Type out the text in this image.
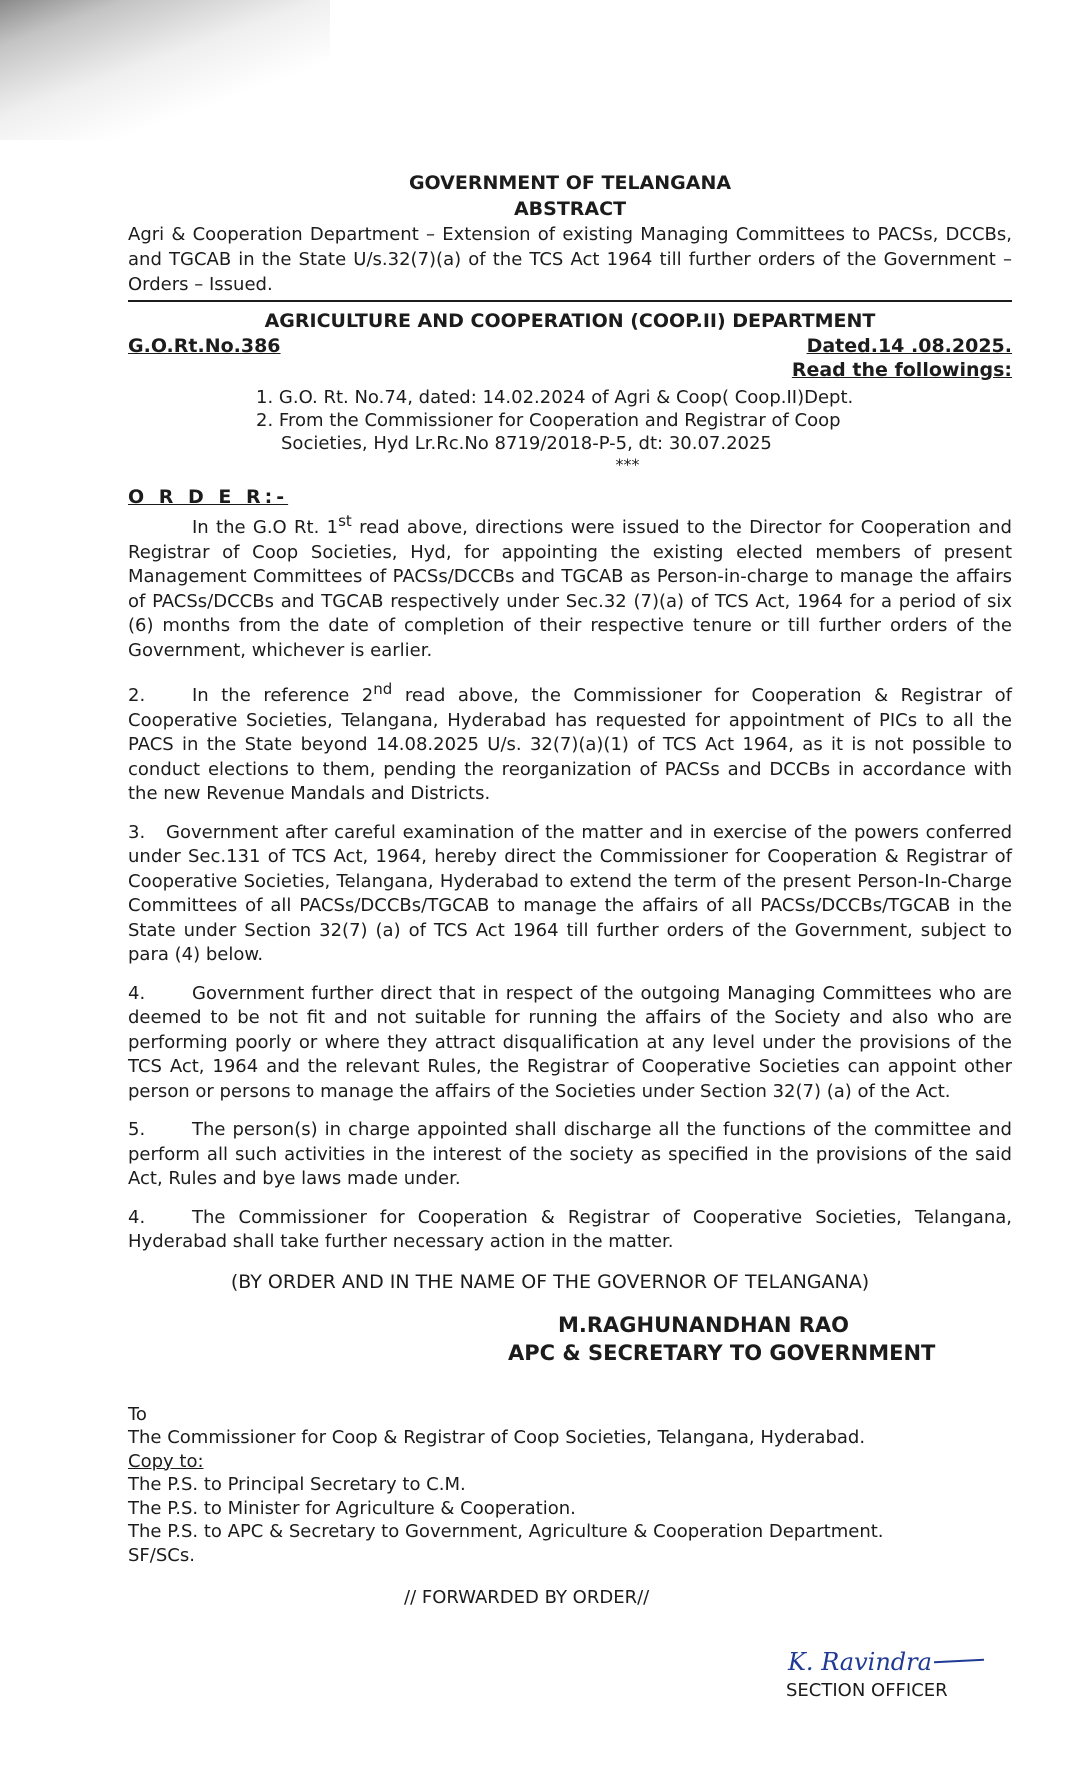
GOVERNMENT OF TELANGANA
ABSTRACT
Agri & Cooperation Department – Extension of existing Managing Committees to PACSs, DCCBs, and TGCAB in the State U/s.32(7)(a) of the TCS Act 1964 till further orders of the Government – Orders – Issued.
AGRICULTURE AND COOPERATION (COOP.II) DEPARTMENT
G.O.Rt.No.386	Dated.14 .08.2025.
Read the followings:
1. G.O. Rt. No.74, dated: 14.02.2024 of Agri & Coop( Coop.II)Dept.
2. From the Commissioner for Cooperation and Registrar of Coop
Societies, Hyd Lr.Rc.No 8719/2018-P-5, dt: 30.07.2025
***
O R D E R:-

In the G.O Rt. 1st read above, directions were issued to the Director for Cooperation and Registrar of Coop Societies, Hyd, for appointing the existing elected members of present Management Committees of PACSs/DCCBs and TGCAB as Person-in-charge to manage the affairs of PACSs/DCCBs and TGCAB respectively under Sec.32 (7)(a) of TCS Act, 1964 for a period of six (6) months from the date of completion of their respective tenure or till further orders of the Government, whichever is earlier.

2.	In the reference 2nd read above, the Commissioner for Cooperation & Registrar of Cooperative Societies, Telangana, Hyderabad has requested for appointment of PICs to all the PACS in the State beyond 14.08.2025 U/s. 32(7)(a)(1) of TCS Act 1964, as it is not possible to conduct elections to them, pending the reorganization of PACSs and DCCBs in accordance with the new Revenue Mandals and Districts.

3. Government after careful examination of the matter and in exercise of the powers conferred under Sec.131 of TCS Act, 1964, hereby direct the Commissioner for Cooperation & Registrar of Cooperative Societies, Telangana, Hyderabad to extend the term of the present Person-In-Charge Committees of all PACSs/DCCBs/TGCAB to manage the affairs of all PACSs/DCCBs/TGCAB in the State under Section 32(7) (a) of TCS Act 1964 till further orders of the Government, subject to para (4) below.

4.	Government further direct that in respect of the outgoing Managing Committees who are deemed to be not fit and not suitable for running the affairs of the Society and also who are performing poorly or where they attract disqualification at any level under the provisions of the TCS Act, 1964 and the relevant Rules, the Registrar of Cooperative Societies can appoint other person or persons to manage the affairs of the Societies under Section 32(7) (a) of the Act.

5.	The person(s) in charge appointed shall discharge all the functions of the committee and perform all such activities in the interest of the society as specified in the provisions of the said Act, Rules and bye laws made under.

4.	The Commissioner for Cooperation & Registrar of Cooperative Societies, Telangana, Hyderabad shall take further necessary action in the matter.

(BY ORDER AND IN THE NAME OF THE GOVERNOR OF TELANGANA)
M.RAGHUNANDHAN RAO
APC & SECRETARY TO GOVERNMENT
To
The Commissioner for Coop & Registrar of Coop Societies, Telangana, Hyderabad.
Copy to:
The P.S. to Principal Secretary to C.M.
The P.S. to Minister for Agriculture & Cooperation.
The P.S. to APC & Secretary to Government, Agriculture & Cooperation Department.
SF/SCs.
// FORWARDED BY ORDER//
K. Ravindra
SECTION OFFICER
